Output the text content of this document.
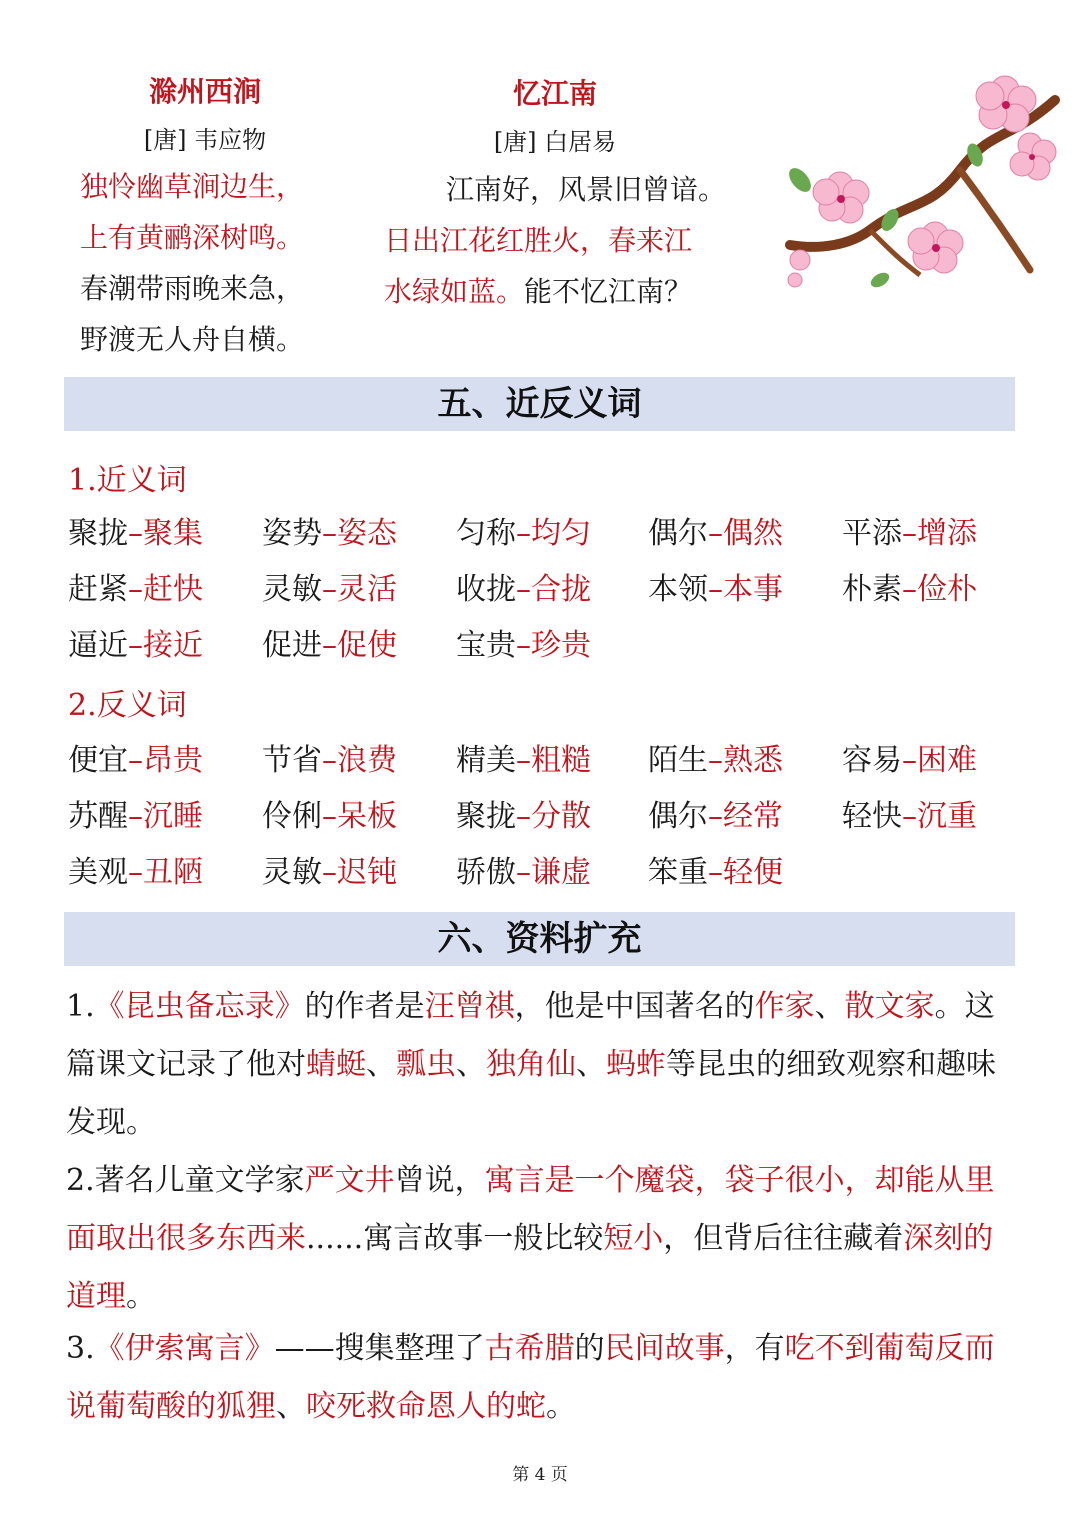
滁州西涧
[唐] 韦应物
独怜幽草涧边生，
上有黄鹂深树鸣。
春潮带雨晚来急，
野渡无人舟自横。
忆江南
[唐] 白居易
江南好，风景旧曾谙。
日出江花红胜火，春来江
水绿如蓝。能不忆江南？
五、近反义词
1.近义词
聚拢–聚集 姿势–姿态 匀称–均匀 偶尔–偶然 平添–增添
赶紧–赶快 灵敏–灵活 收拢–合拢 本领–本事 朴素–俭朴
逼近–接近 促进–促使 宝贵–珍贵
2.反义词
便宜–昂贵 节省–浪费 精美–粗糙 陌生–熟悉 容易–困难
苏醒–沉睡 伶俐–呆板 聚拢–分散 偶尔–经常 轻快–沉重
美观–丑陋 灵敏–迟钝 骄傲–谦虚 笨重–轻便
六、资料扩充
1.《昆虫备忘录》的作者是汪曾祺，他是中国著名的作家、散文家。这篇课文记录了他对蜻蜓、瓢虫、独角仙、蚂蚱等昆虫的细致观察和趣味发现。
2.著名儿童文学家严文井曾说，寓言是一个魔袋，袋子很小，却能从里面取出很多东西来......寓言故事一般比较短小，但背后往往藏着深刻的道理。
3.《伊索寓言》——搜集整理了古希腊的民间故事，有吃不到葡萄反而说葡萄酸的狐狸、咬死救命恩人的蛇。
第 4 页
